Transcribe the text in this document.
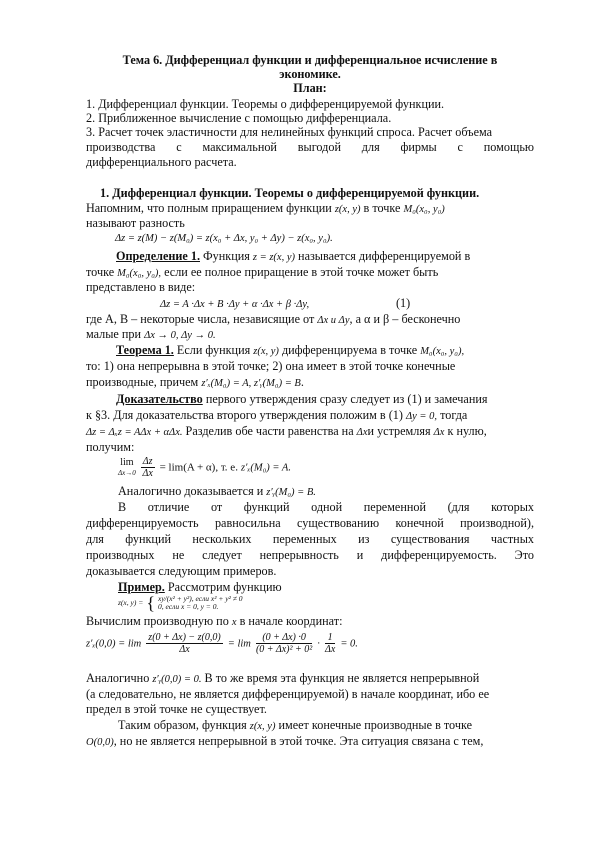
Тема 6. Дифференциал функции и дифференциальное исчисление в
экономике.
План:
1. Дифференциал функции. Теоремы о дифференцируемой функции.
2. Приближенное вычисление с помощью дифференциала.
3. Расчет точек эластичности для нелинейных функций спроса. Расчет объема
производства с максимальной выгодой для фирмы с помощью
дифференциального расчета.
1. Дифференциал функции. Теоремы о дифференцируемой функции.
Напомним, что полным приращением функции z(x, y) в точке M₀(x₀, y₀)
называют разность
Δz = z(M) − z(M₀) = z(x₀ + Δx, y₀ + Δy) − z(x₀, y₀).
Определение 1. Функция z = z(x, y) называется дифференцируемой в
точке M₀(x₀, y₀), если ее полное приращение в этой точке может быть
представлено в виде:
Δz = A ·Δx + B ·Δy + α ·Δx + β ·Δy,	(1)
где A, B – некоторые числа, независящие от Δx и Δy, а α и β – бесконечно
малые при Δx → 0, Δy → 0.
Теорема 1. Если функция z(x, y) дифференцируема в точке M₀(x₀, y₀),
то: 1) она непрерывна в этой точке; 2) она имеет в этой точке конечные
производные, причем z′ₓ(M₀) = A, z′ᵧ(M₀) = B.
Доказательство первого утверждения сразу следует из (1) и замечания
к §3. Для доказательства второго утверждения положим в (1) Δy = 0, тогда
Δz = Δₓz = AΔx + αΔx. Разделив обе части равенства на Δxи устремляя Δx к нулю,
получим:
lim
Δx→0
$\frac{\Delta z}{\Delta x} = \lim(A + \alpha)$, т. е. z′ₓ(M₀) = A.
Аналогично доказывается и z′ᵧ(M₀) = B.
В отличие от функций одной переменной (для которых
дифференцируемость равносильна существованию конечной производной),
для функций нескольких переменных из существования частных
производных не следует непрерывность и дифференцируемость. Это
доказывается следующим примеров.
Пример. Рассмотрим функцию
z(x, y) = { xy/(x² + y²), если x² + y² ≠ 0
0, если x = 0, y = 0.
Вычислим производную по x в начале координат:
$z'_x(0,0) = \lim \frac{z(0 + \Delta x) - z(0,0)}{\Delta x} = \lim \frac{(0 + \Delta x) \cdot 0}{\text{(0 + Δx)² + 0²}} \cdot \frac{1}{\Delta x} = 0$.
Аналогично z′ᵧ(0,0) = 0. В то же время эта функция не является непрерывной
(а следовательно, не является дифференцируемой) в начале координат, ибо ее
предел в этой точке не существует.
Таким образом, функция z(x, y) имеет конечные производные в точке
O(0,0), но не является непрерывной в этой точке. Эта ситуация связана с тем,
